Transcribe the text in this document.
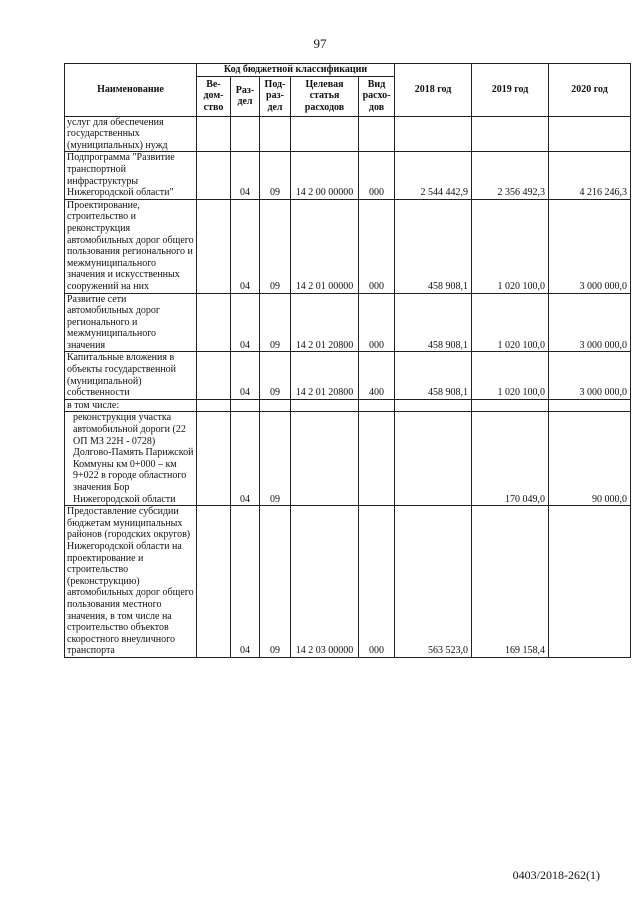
97
Наименование	Код бюджетной классификации					2018 год	2019 год	2020 год
	Ве-дом-ство	Раз-дел	Под-раз-дел	Целевая статья расходов	Вид расхо-дов			
услуг для обеспечения государственных (муниципальных) нужд								
Подпрограмма "Развитие транспортной инфраструктуры Нижегородской области"		04	09	14 2 00 00000	000	2 544 442,9	2 356 492,3	4 216 246,3
Проектирование, строительство и реконструкция автомобильных дорог общего пользования регионального и межмуниципального значения и искусственных сооружений на них		04	09	14 2 01 00000	000	458 908,1	1 020 100,0	3 000 000,0
Развитие сети автомобильных дорог регионального и межмуниципального значения		04	09	14 2 01 20800	000	458 908,1	1 020 100,0	3 000 000,0
Капитальные вложения в объекты государственной (муниципальной) собственности		04	09	14 2 01 20800	400	458 908,1	1 020 100,0	3 000 000,0
в том числе:								
реконструкция участка автомобильной дороги (22 ОП МЗ 22Н - 0728) Долгово-Память Парижской Коммуны км 0+000 – км 9+022 в городе областного значения Бор Нижегородской области		04	09				170 049,0	90 000,0
Предоставление субсидии бюджетам муниципальных районов (городских округов) Нижегородской области на проектирование и строительство (реконструкцию) автомобильных дорог общего пользования местного значения, в том числе на строительство объектов скоростного внеуличного транспорта		04	09	14 2 03 00000	000	563 523,0	169 158,4	
0403/2018-262(1)
